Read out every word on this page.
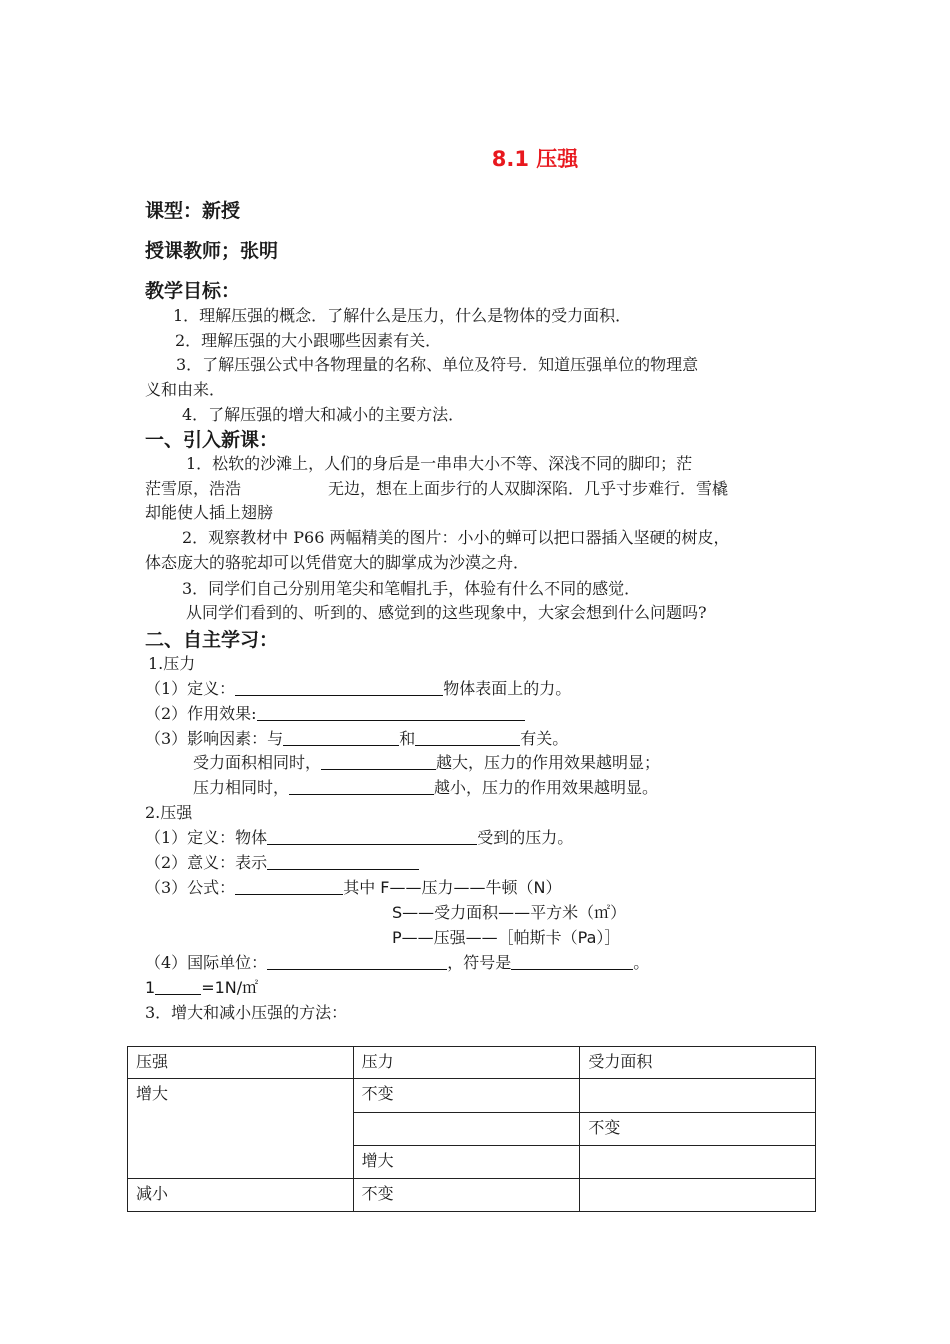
8.1 压强
课型：新授
授课教师；张明
教学目标：
1．理解压强的概念．了解什么是压力，什么是物体的受力面积．
2．理解压强的大小跟哪些因素有关．
3．了解压强公式中各物理量的名称、单位及符号．知道压强单位的物理意
义和由来．
4．了解压强的增大和减小的主要方法．
一、引入新课：
1．松软的沙滩上，人们的身后是一串串大小不等、深浅不同的脚印；茫
茫雪原，浩浩	无边，想在上面步行的人双脚深陷．几乎寸步难行．雪橇
却能使人插上翅膀
2．观察教材中 P66 两幅精美的图片：小小的蝉可以把口器插入坚硬的树皮，
体态庞大的骆驼却可以凭借宽大的脚掌成为沙漠之舟．
3．同学们自己分别用笔尖和笔帽扎手，体验有什么不同的感觉．
从同学们看到的、听到的、感觉到的这些现象中，大家会想到什么问题吗?
二、自主学习：
1.压力
（1）定义：	物体表面上的力。
（2）作用效果:
（3）影响因素：与	和	有关。
受力面积相同时，	越大，压力的作用效果越明显；
压力相同时，	越小，压力的作用效果越明显。
2.压强
（1）定义：物体	受到的压力。
（2）意义：表示
（3）公式：	其中 F——压力——牛顿（N）
S——受力面积——平方米（㎡）
P——压强——［帕斯卡（Pa）］
（4）国际单位：	，符号是	。
1	=1N/㎡
3．增大和减小压强的方法：
压强	压力	受力面积
增大	不变	
		不变
	增大	
减小	不变	
